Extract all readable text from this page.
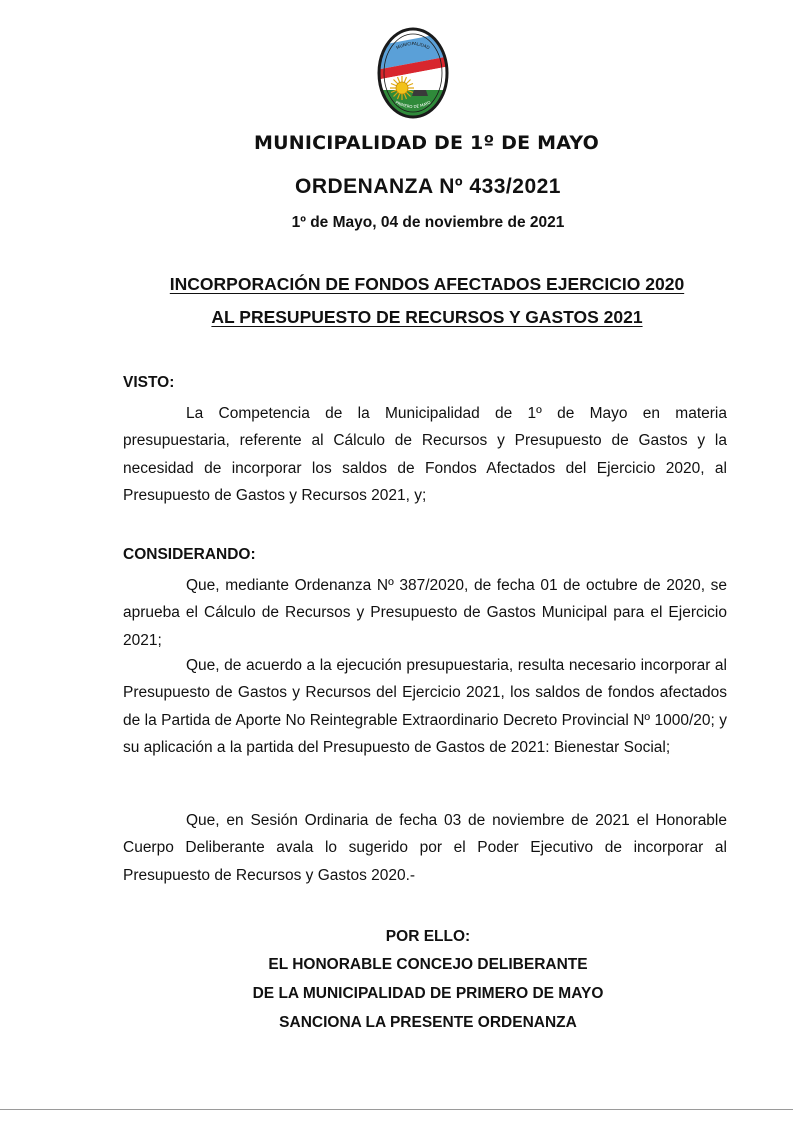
MUNICIPALIDAD
PRIMERO DE MAYO
MUNICIPALIDAD DE 1º DE MAYO
ORDENANZA Nº 433/2021
1º de Mayo, 04 de noviembre de 2021
INCORPORACIÓN DE FONDOS AFECTADOS EJERCICIO 2020
AL PRESUPUESTO DE RECURSOS Y GASTOS 2021
VISTO:
La Competencia de la Municipalidad de 1º de Mayo en materia presupuestaria, referente al Cálculo de Recursos y Presupuesto de Gastos y la necesidad de incorporar los saldos de Fondos Afectados del Ejercicio 2020, al Presupuesto de Gastos y Recursos 2021, y;
CONSIDERANDO:
Que, mediante Ordenanza Nº 387/2020, de fecha 01 de octubre de 2020, se aprueba el Cálculo de Recursos y Presupuesto de Gastos Municipal para el Ejercicio 2021;
Que, de acuerdo a la ejecución presupuestaria, resulta necesario incorporar al Presupuesto de Gastos y Recursos del Ejercicio 2021, los saldos de fondos afectados de la Partida de Aporte No Reintegrable Extraordinario Decreto Provincial Nº 1000/20; y su aplicación a la partida del Presupuesto de Gastos de 2021: Bienestar Social;
Que, en Sesión Ordinaria de fecha 03 de noviembre de 2021 el Honorable Cuerpo Deliberante avala lo sugerido por el Poder Ejecutivo de incorporar al Presupuesto de Recursos y Gastos 2020.-
POR ELLO:
EL HONORABLE CONCEJO DELIBERANTE
DE LA MUNICIPALIDAD DE PRIMERO DE MAYO
SANCIONA LA PRESENTE ORDENANZA
